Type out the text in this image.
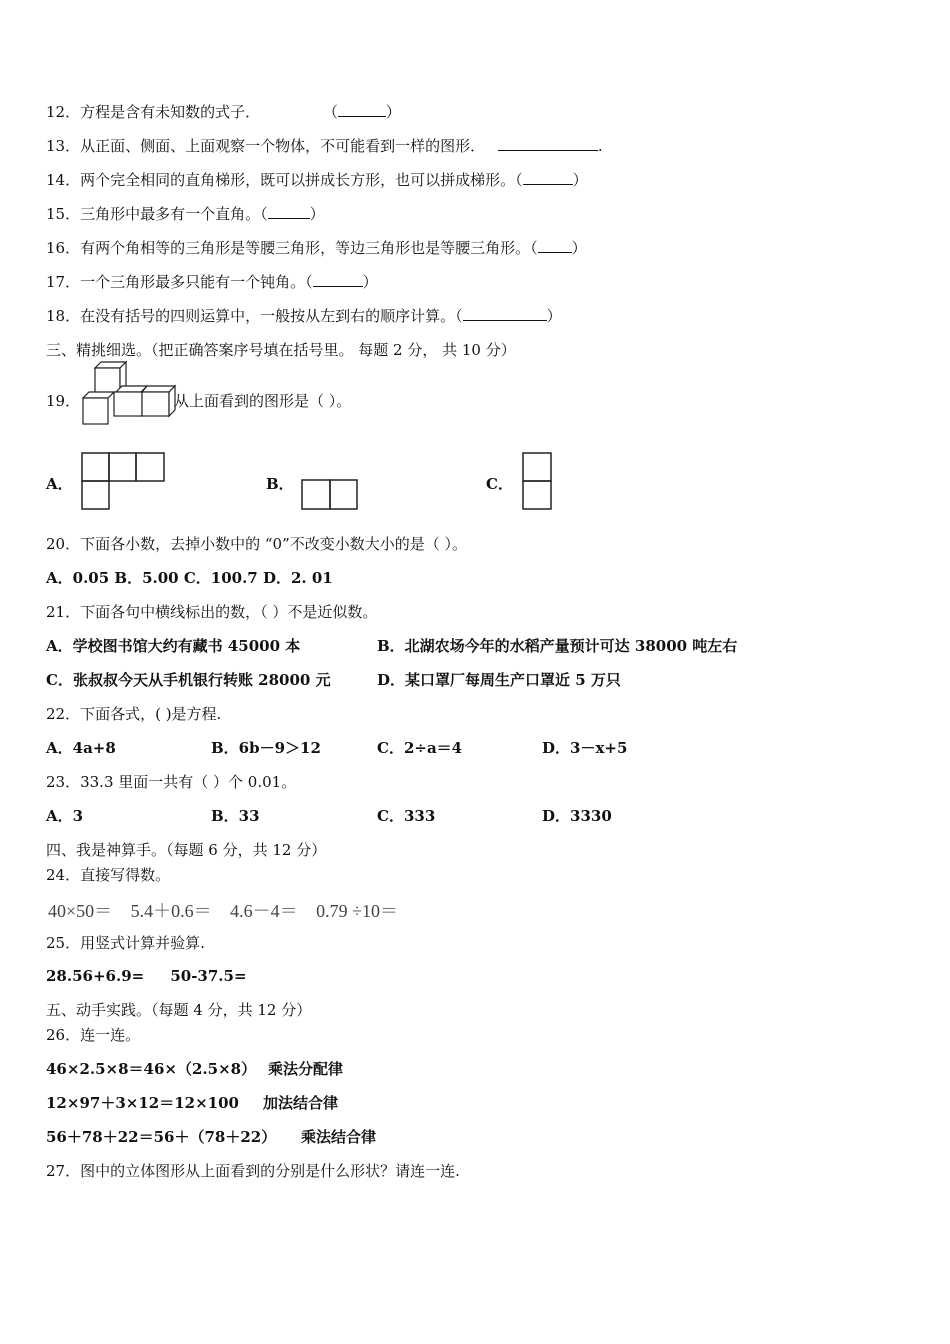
12．方程是含有未知数的式子．	（	）
13．从正面、侧面、上面观察一个物体，不可能看到一样的图形．	.
14．两个完全相同的直角梯形，既可以拼成长方形，也可以拼成梯形。（	）
15．三角形中最多有一个直角。（	）
16．有两个角相等的三角形是等腰三角形，等边三角形也是等腰三角形。（ ）
17．一个三角形最多只能有一个钝角。（	）
18．在没有括号的四则运算中，一般按从左到右的顺序计算。（	）
三、精挑细选。（把正确答案序号填在括号里。 每题 2 分， 共 10 分）
19．	从上面看到的图形是（ ）。
A．	B．	C．
20．下面各小数，去掉小数中的 “0”不改变小数大小的是（ ）。
A．0.05 B．5.00 C．100.7 D．2. 01
21．下面各句中横线标出的数，（ ）不是近似数。
A．学校图书馆大约有藏书 45000 本	B．北湖农场今年的水稻产量预计可达 38000 吨左右
C．张叔叔今天从手机银行转账 28000 元	D．某口罩厂每周生产口罩近 5 万只
22．下面各式，( )是方程.
A．4a+8	B．6b－9＞12	C．2÷a＝4	D．3－x+5
23．33.3 里面一共有（ ）个 0.01。
A．3	B．33	C．333	D．3330
四、我是神算手。（每题 6 分，共 12 分）
24．直接写得数。
40×50＝ 5.4＋0.6＝ 4.6－4＝ 0.79 ÷10＝
25．用竖式计算并验算.
28.56+6.9=     50-37.5=
五、动手实践。（每题 4 分，共 12 分）
26．连一连。
46×2.5×8＝46×（2.5×8） 乘法分配律
12×97＋3×12＝12×100 加法结合律
56＋78＋22＝56＋（78＋22） 乘法结合律
27．图中的立体图形从上面看到的分别是什么形状？请连一连.
